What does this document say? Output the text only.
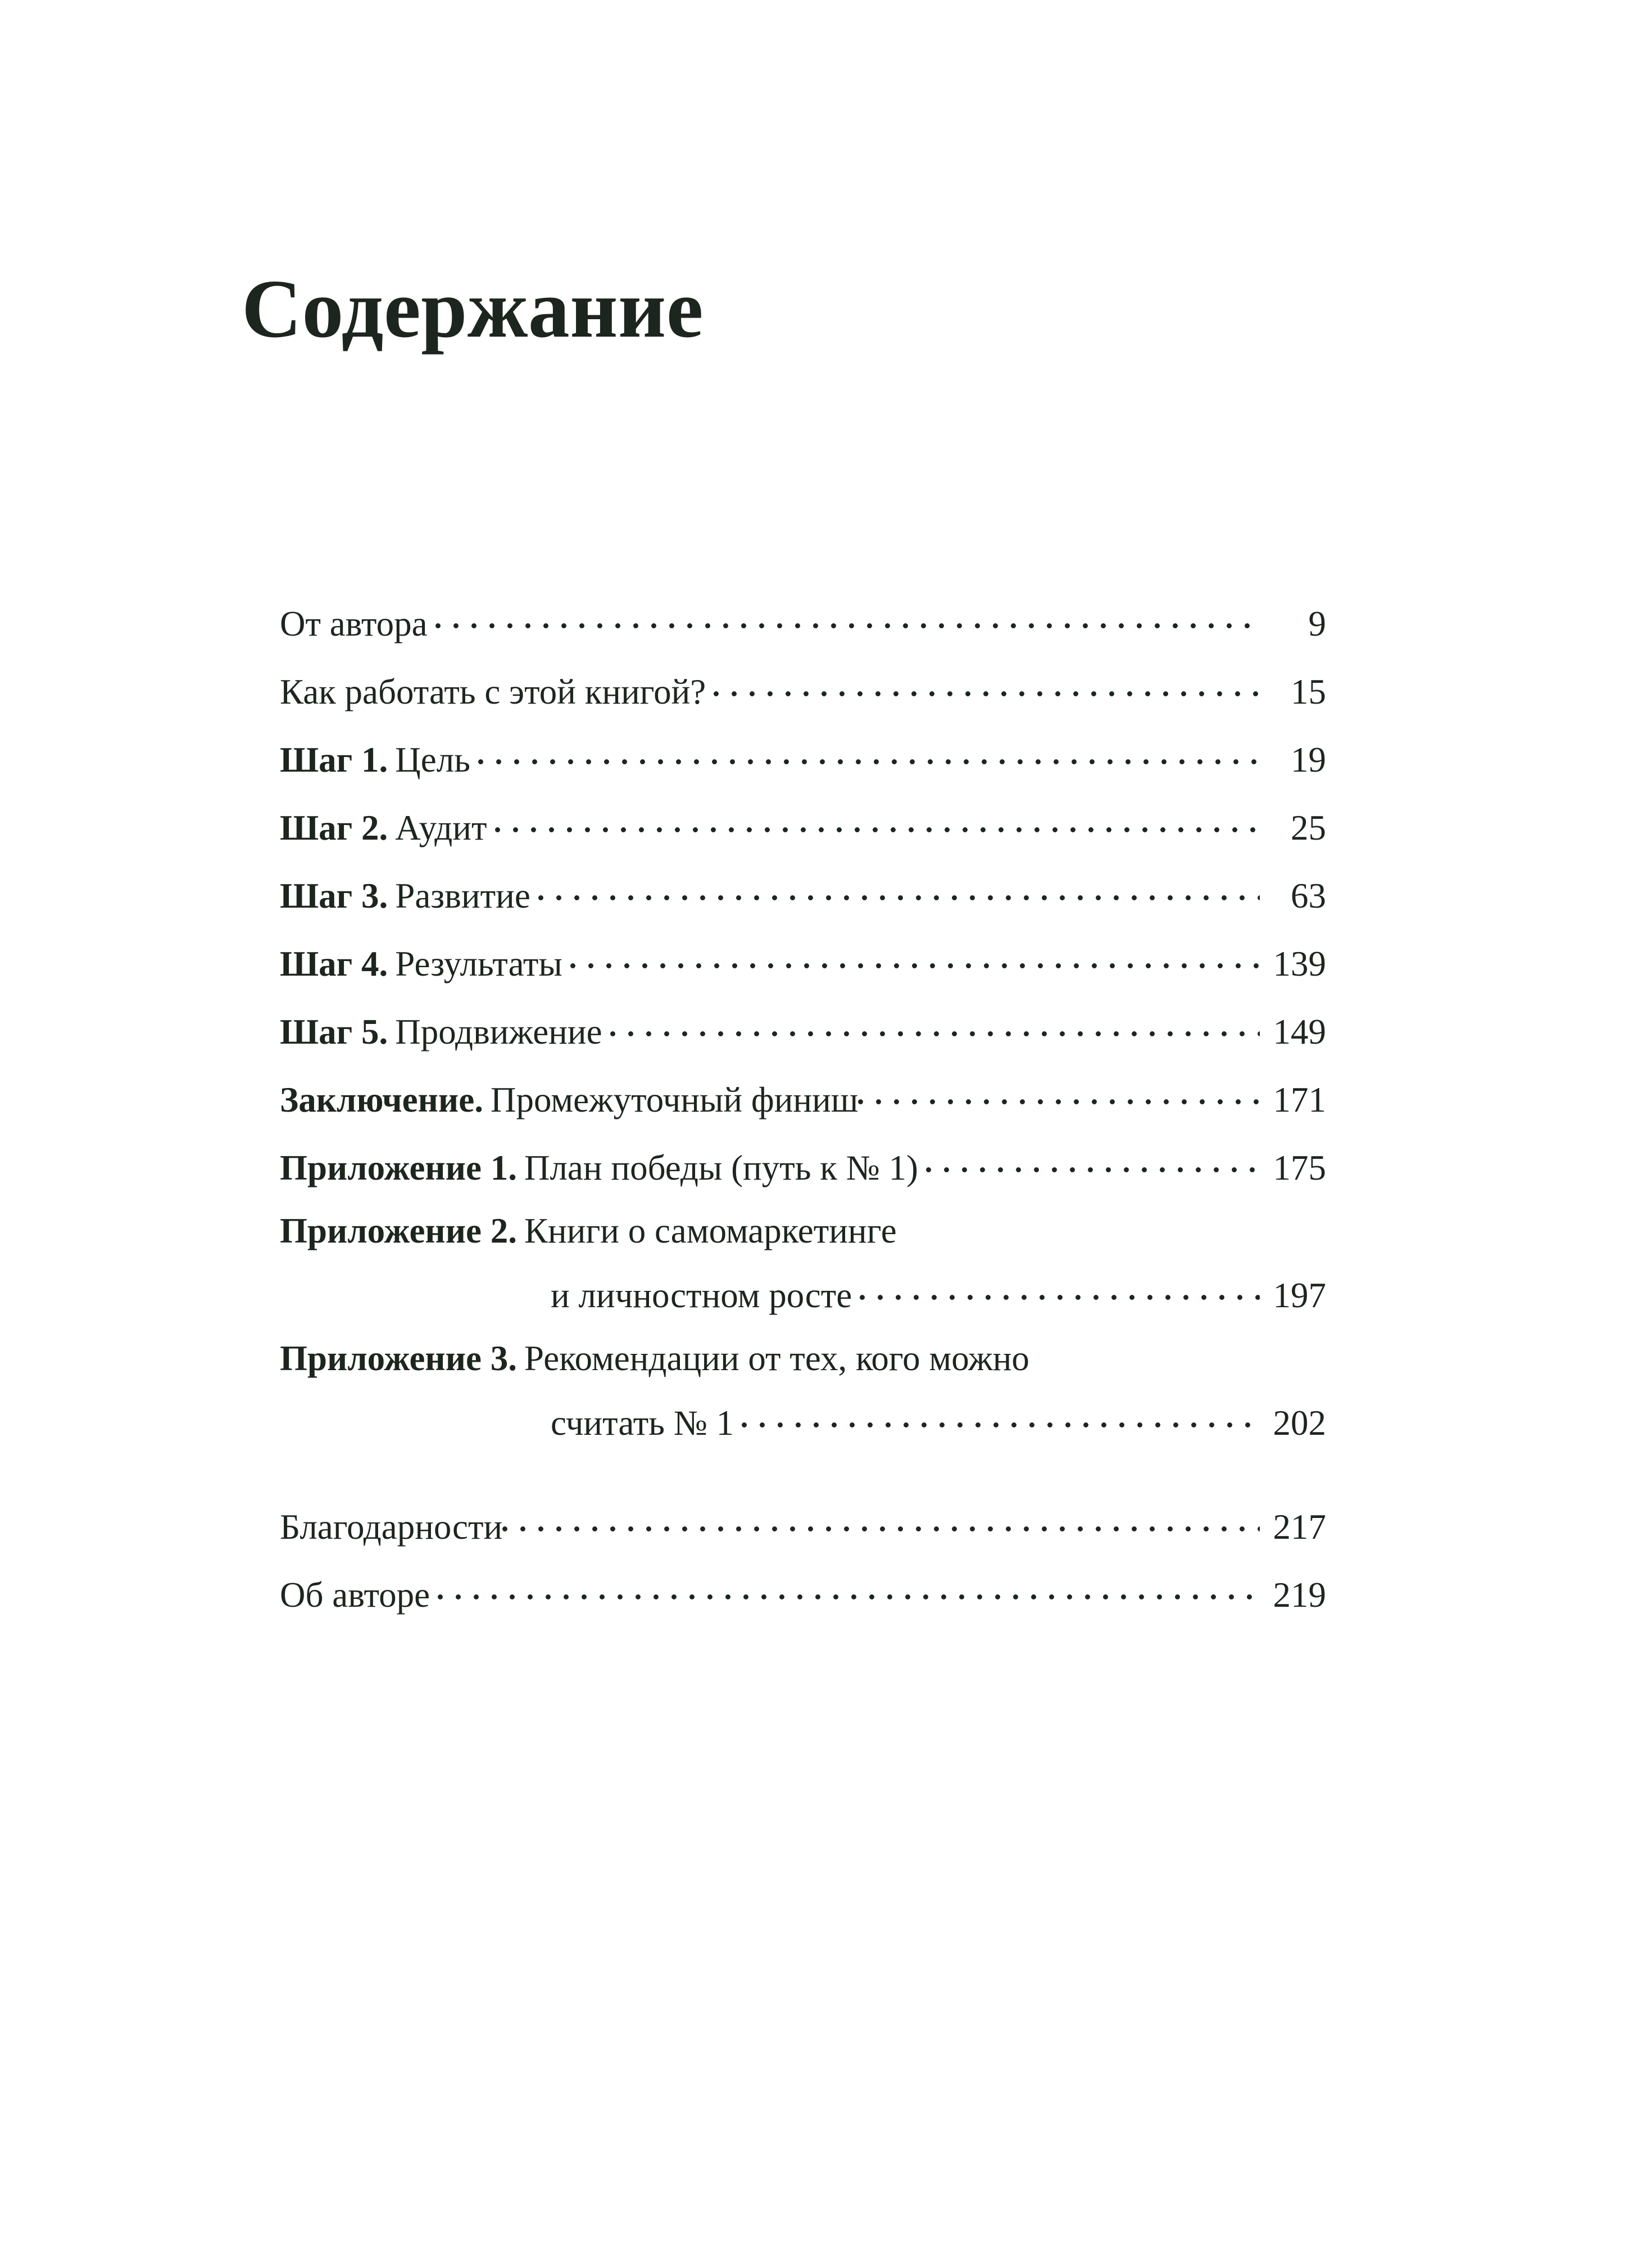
Содержание
От автора	9
Как работать с этой книгой?	15
Шаг 1. Цель	19
Шаг 2. Аудит	25
Шаг 3. Развитие	63
Шаг 4. Результаты	139
Шаг 5. Продвижение	149
Заключение. Промежуточный финиш	171
Приложение 1. План победы (путь к № 1)	175
Приложение 2. Книги о самомаркетинге
и личностном росте	197
Приложение 3. Рекомендации от тех, кого можно
считать № 1	202
Благодарности	217
Об авторе	219
